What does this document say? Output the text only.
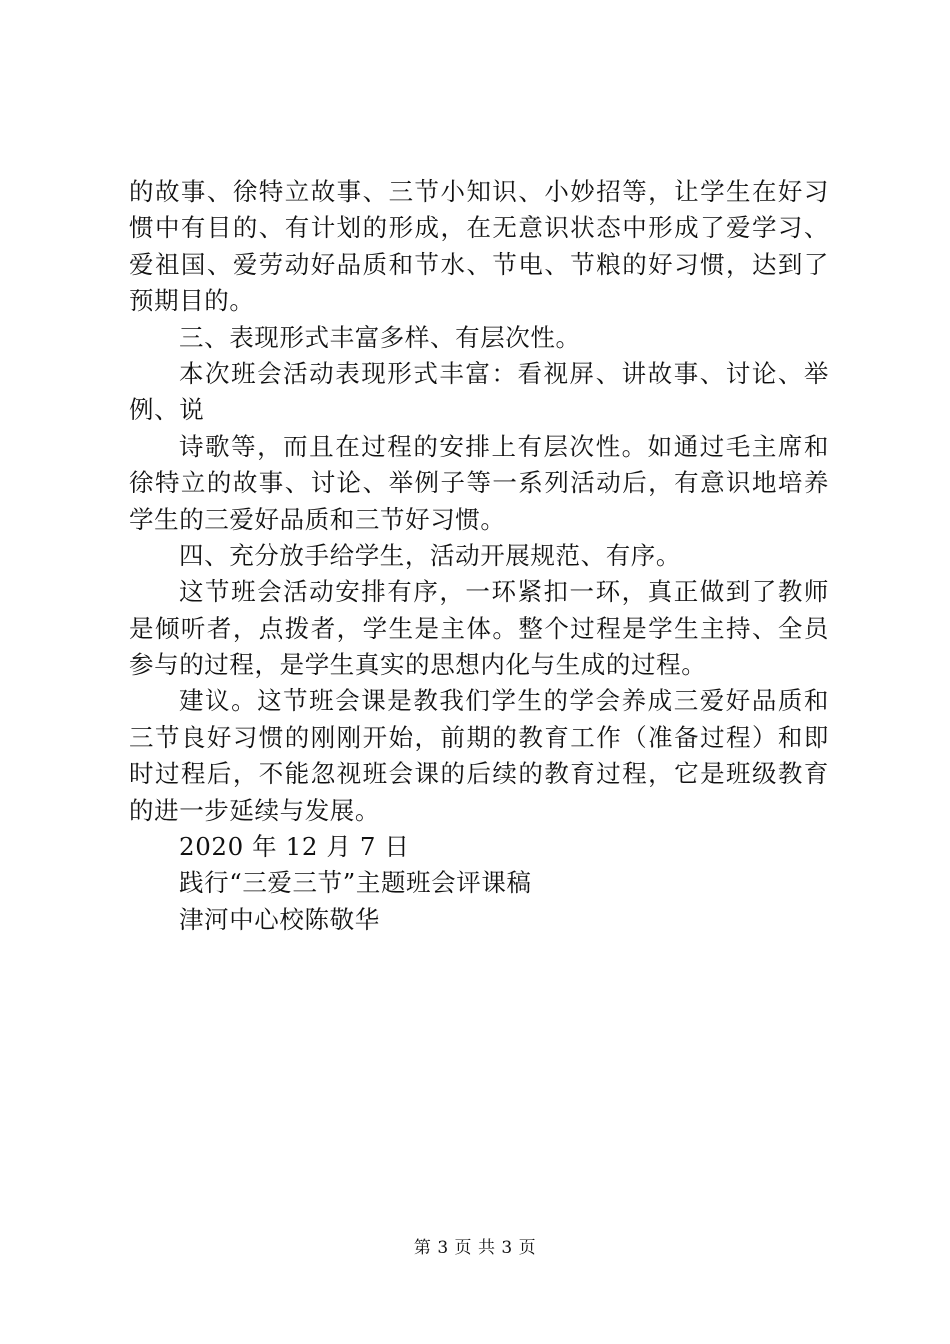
的故事、徐特立故事、三节小知识、小妙招等，让学生在好习
惯中有目的、有计划的形成，在无意识状态中形成了爱学习、
爱祖国、爱劳动好品质和节水、节电、节粮的好习惯，达到了
预期目的。
三、表现形式丰富多样、有层次性。
本次班会活动表现形式丰富：看视屏、讲故事、讨论、举
例、说
诗歌等，而且在过程的安排上有层次性。如通过毛主席和
徐特立的故事、讨论、举例子等一系列活动后，有意识地培养
学生的三爱好品质和三节好习惯。
四、充分放手给学生，活动开展规范、有序。
这节班会活动安排有序，一环紧扣一环，真正做到了教师
是倾听者，点拨者，学生是主体。整个过程是学生主持、全员
参与的过程，是学生真实的思想内化与生成的过程。
建议。这节班会课是教我们学生的学会养成三爱好品质和
三节良好习惯的刚刚开始，前期的教育工作（准备过程）和即
时过程后，不能忽视班会课的后续的教育过程，它是班级教育
的进一步延续与发展。
2020 年 12 月 7 日
践行“三爱三节”主题班会评课稿
津河中心校陈敬华
第 3 页 共 3 页
